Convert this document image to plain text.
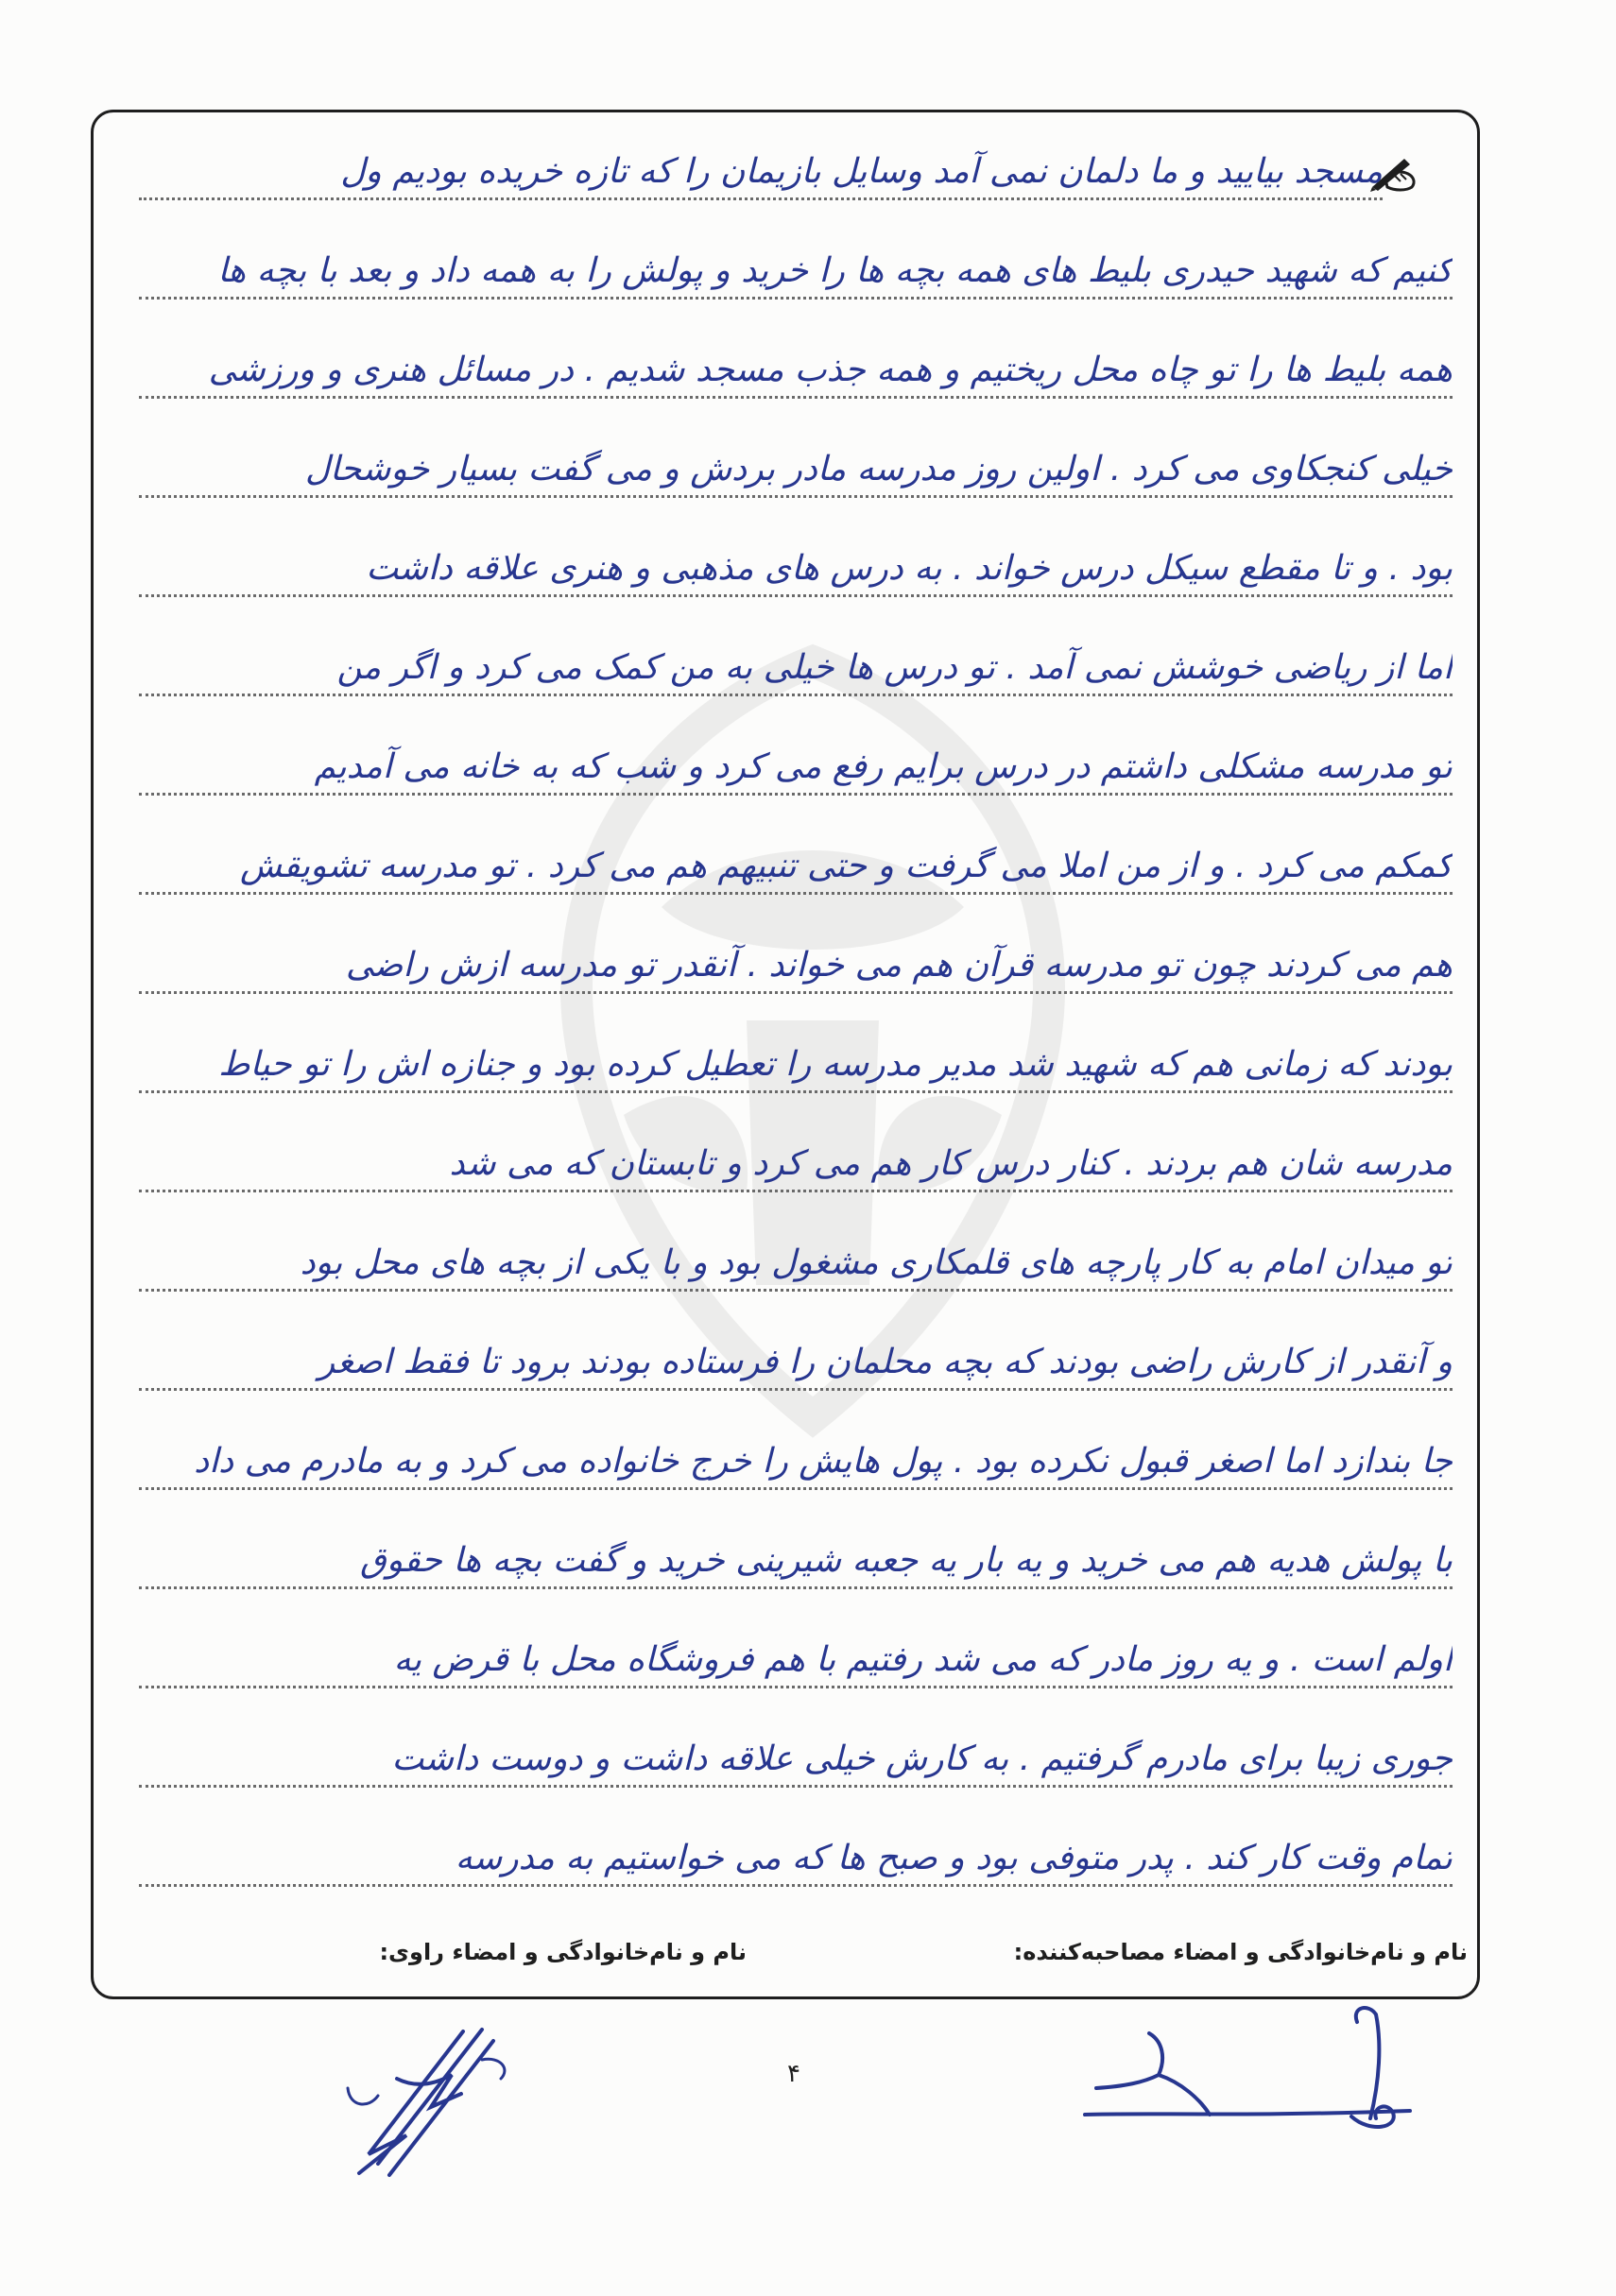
مسجد بیایید و ما دلمان نمی آمد وسایل بازیمان را که تازه خریده بودیم ول
کنیم که شهید حیدری بلیط های همه بچه ها را خرید و پولش را به همه داد و بعد با بچه ها
همه بلیط ها را تو چاه محل ریختیم و همه جذب مسجد شدیم . در مسائل هنری و ورزشی
خیلی کنجکاوی می کرد . اولین روز مدرسه مادر بردش و می گفت بسیار خوشحال
بود . و تا مقطع سیکل درس خواند . به درس های مذهبی و هنری علاقه داشت
اما از ریاضی خوشش نمی آمد . تو درس ها خیلی به من کمک می کرد و اگر من
تو مدرسه مشکلی داشتم در درس برایم رفع می کرد و شب که به خانه می آمدیم
کمکم می کرد . و از من املا می گرفت و حتی تنبیهم هم می کرد . تو مدرسه تشویقش
هم می کردند چون تو مدرسه قرآن هم می خواند . آنقدر تو مدرسه ازش راضی
بودند که زمانی هم که شهید شد مدیر مدرسه را تعطیل کرده بود و جنازه اش را تو حیاط
مدرسه شان هم بردند . کنار درس کار هم می کرد و تابستان که می شد
تو میدان امام به کار پارچه های قلمکاری مشغول بود و با یکی از بچه های محل بود
و آنقدر از کارش راضی بودند که بچه محلمان را فرستاده بودند برود تا فقط اصغر
جا بندازد اما اصغر قبول نکرده بود . پول هایش را خرج خانواده می کرد و به مادرم می داد
با پولش هدیه هم می خرید و یه بار یه جعبه شیرینی خرید و گفت بچه ها حقوق
اولم است . و یه روز مادر که می شد رفتیم با هم فروشگاه محل با قرض یه
جوری زیبا برای مادرم گرفتیم . به کارش خیلی علاقه داشت و دوست داشت
تمام وقت کار کند . پدر متوفی بود و صبح ها که می خواستیم به مدرسه
نام و نام‌خانوادگی و امضاء مصاحبه‌کننده:
نام و نام‌خانوادگی و امضاء راوی:
۴
